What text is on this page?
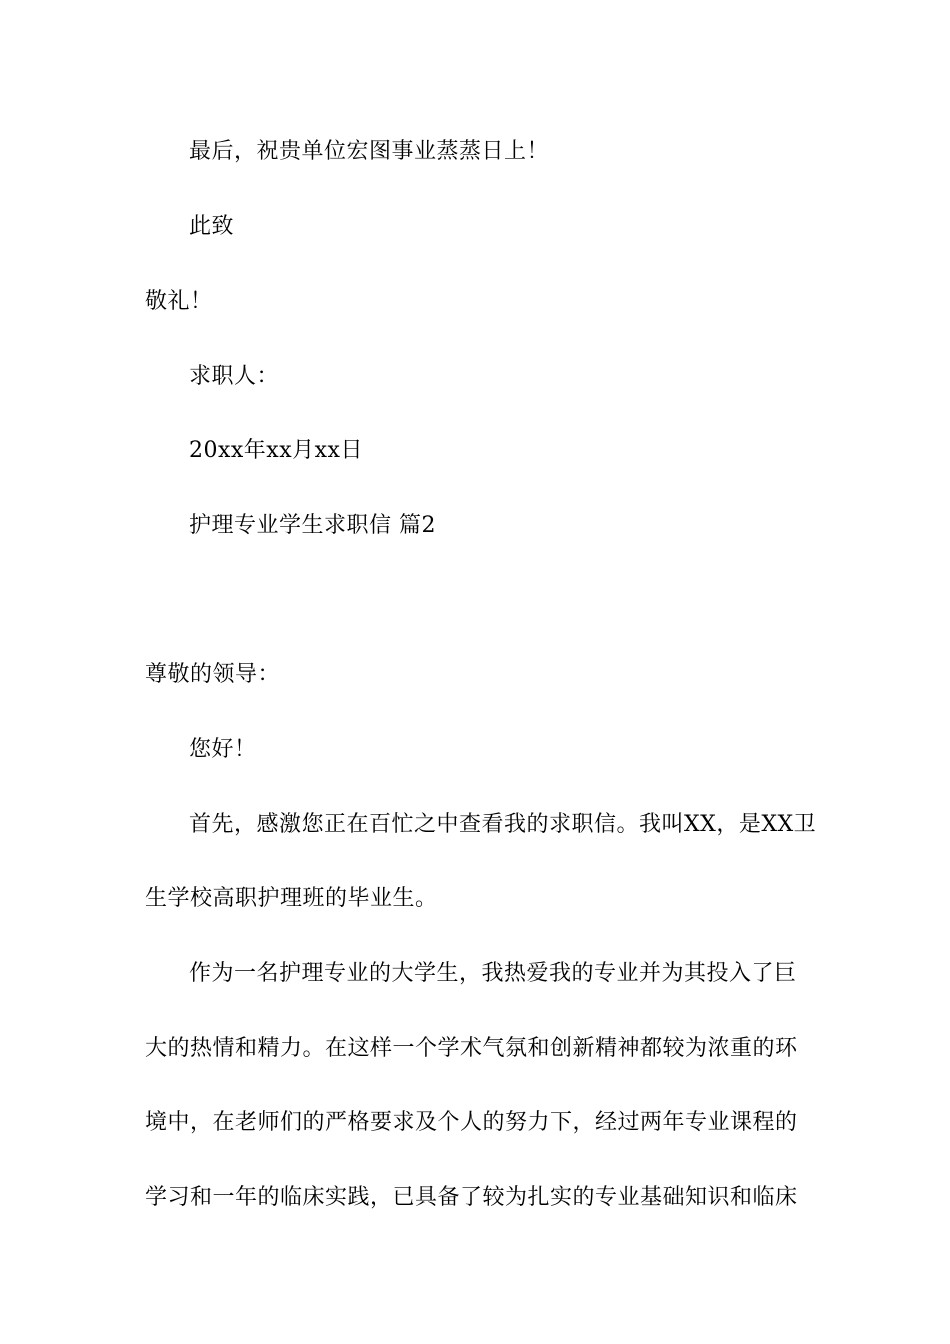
最后，祝贵单位宏图事业蒸蒸日上！
此致
敬礼！
求职人：
20xx年xx月xx日
护理专业学生求职信 篇2
尊敬的领导：
您好！
首先，感激您正在百忙之中查看我的求职信。我叫XX，是XX卫
生学校高职护理班的毕业生。
作为一名护理专业的大学生，我热爱我的专业并为其投入了巨
大的热情和精力。在这样一个学术气氛和创新精神都较为浓重的环
境中，在老师们的严格要求及个人的努力下，经过两年专业课程的
学习和一年的临床实践，已具备了较为扎实的专业基础知识和临床
